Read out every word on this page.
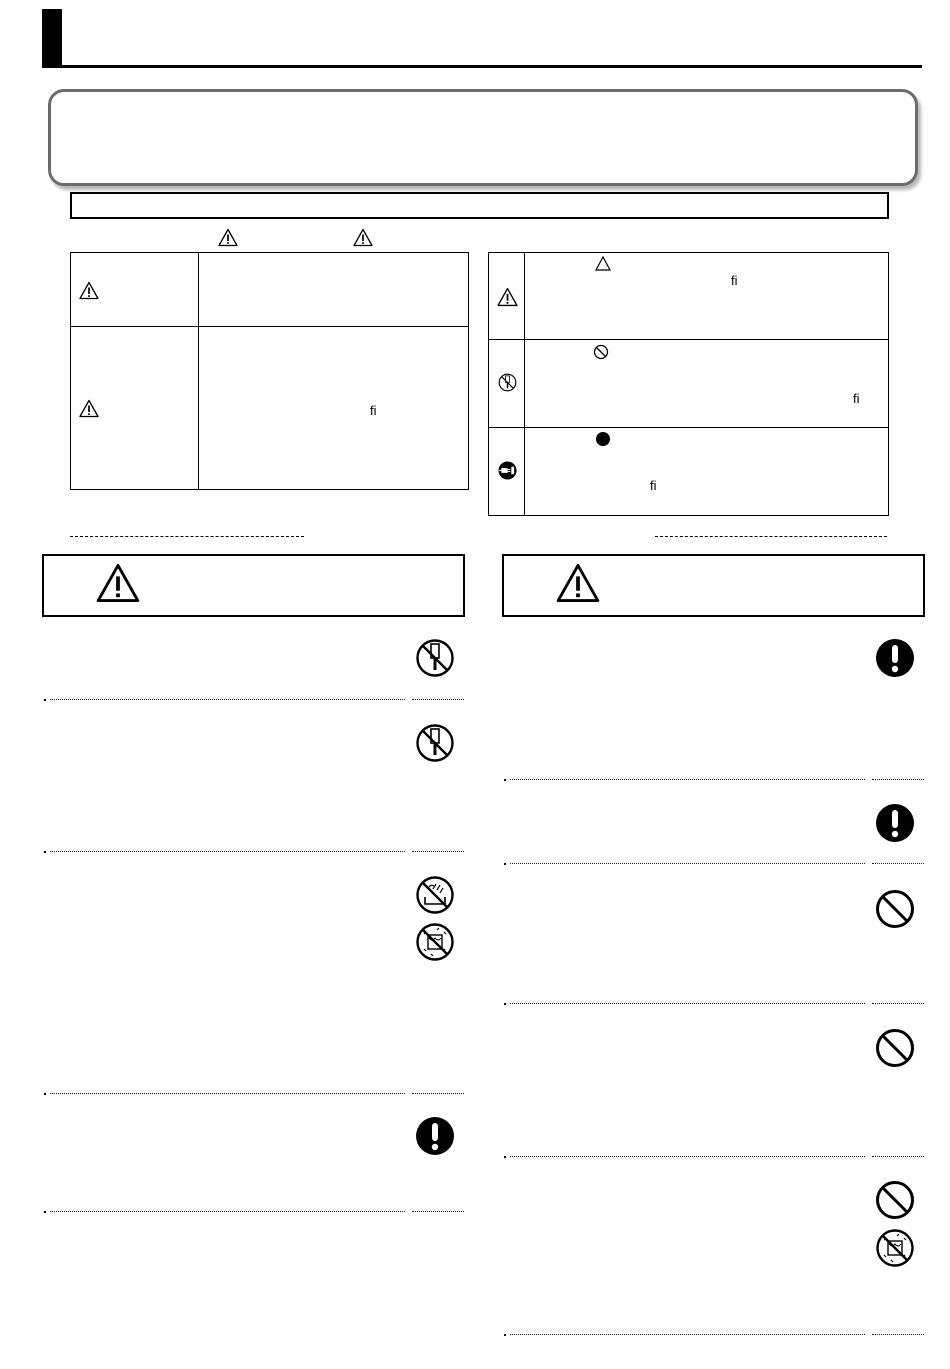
ﬁ
ﬁ
ﬁ
ﬁ
